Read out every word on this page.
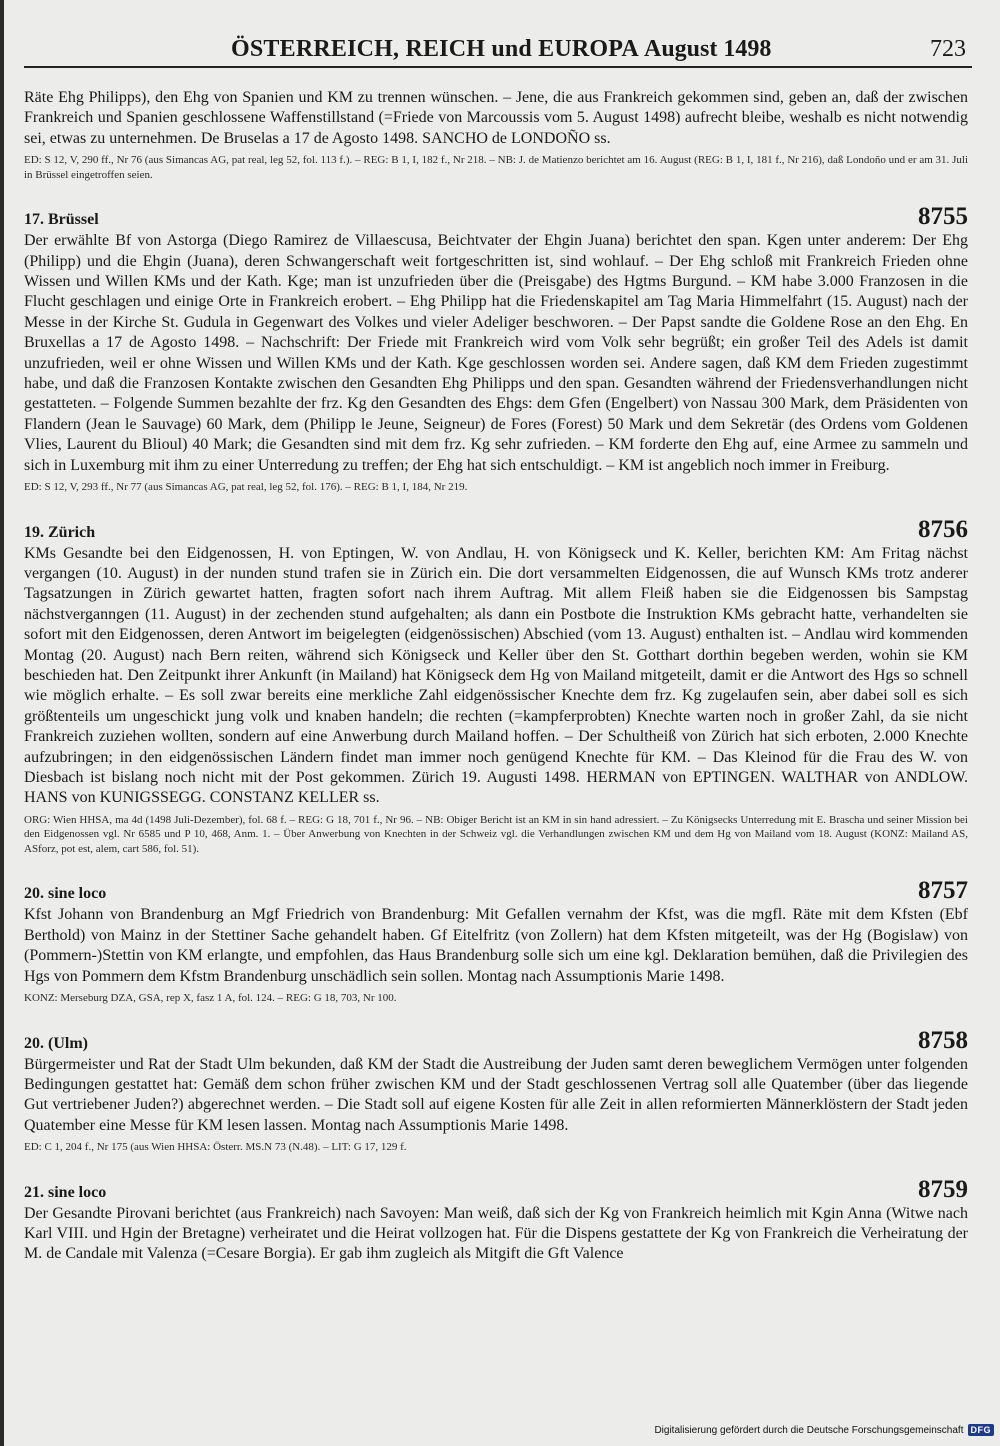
ÖSTERREICH, REICH und EUROPA August 1498	723

Räte Ehg Philipps), den Ehg von Spanien und KM zu trennen wünschen. – Jene, die aus Frankreich gekommen sind, geben an, daß der zwischen Frankreich und Spanien geschlossene Waffenstillstand (=Friede von Marcoussis vom 5. August 1498) aufrecht bleibe, weshalb es nicht notwendig sei, etwas zu unternehmen. De Bruselas a 17 de Agosto 1498. SANCHO de LONDOÑO ss.

ED: S 12, V, 290 ff., Nr 76 (aus Simancas AG, pat real, leg 52, fol. 113 f.). – REG: B 1, I, 182 f., Nr 218. – NB: J. de Matienzo berichtet am 16. August (REG: B 1, I, 181 f., Nr 216), daß Londoño und er am 31. Juli in Brüssel eingetroffen seien.

17. Brüssel	8755

Der erwählte Bf von Astorga (Diego Ramirez de Villaescusa, Beichtvater der Ehgin Juana) berichtet den span. Kgen unter anderem: Der Ehg (Philipp) und die Ehgin (Juana), deren Schwangerschaft weit fortgeschritten ist, sind wohlauf. – Der Ehg schloß mit Frankreich Frieden ohne Wissen und Willen KMs und der Kath. Kge; man ist unzufrieden über die (Preisgabe) des Hgtms Burgund. – KM habe 3.000 Franzosen in die Flucht geschlagen und einige Orte in Frankreich erobert. – Ehg Philipp hat die Friedenskapitel am Tag Maria Himmelfahrt (15. August) nach der Messe in der Kirche St. Gudula in Gegenwart des Volkes und vieler Adeliger beschworen. – Der Papst sandte die Goldene Rose an den Ehg. En Bruxellas a 17 de Agosto 1498. – Nachschrift: Der Friede mit Frankreich wird vom Volk sehr begrüßt; ein großer Teil des Adels ist damit unzufrieden, weil er ohne Wissen und Willen KMs und der Kath. Kge geschlossen worden sei. Andere sagen, daß KM dem Frieden zugestimmt habe, und daß die Franzosen Kontakte zwischen den Gesandten Ehg Philipps und den span. Gesandten während der Friedensverhandlungen nicht gestatteten. – Folgende Summen bezahlte der frz. Kg den Gesandten des Ehgs: dem Gfen (Engelbert) von Nassau 300 Mark, dem Präsidenten von Flandern (Jean le Sauvage) 60 Mark, dem (Philipp le Jeune, Seigneur) de Fores (Forest) 50 Mark und dem Sekretär (des Ordens vom Goldenen Vlies, Laurent du Blioul) 40 Mark; die Gesandten sind mit dem frz. Kg sehr zufrieden. – KM forderte den Ehg auf, eine Armee zu sammeln und sich in Luxemburg mit ihm zu einer Unterredung zu treffen; der Ehg hat sich entschuldigt. – KM ist angeblich noch immer in Freiburg.

ED: S 12, V, 293 ff., Nr 77 (aus Simancas AG, pat real, leg 52, fol. 176). – REG: B 1, I, 184, Nr 219.

19. Zürich	8756

KMs Gesandte bei den Eidgenossen, H. von Eptingen, W. von Andlau, H. von Königseck und K. Keller, berichten KM: Am Fritag nächst vergangen (10. August) in der nunden stund trafen sie in Zürich ein. Die dort versammelten Eidgenossen, die auf Wunsch KMs trotz anderer Tagsatzungen in Zürich gewartet hatten, fragten sofort nach ihrem Auftrag. Mit allem Fleiß haben sie die Eidgenossen bis Sampstag nächstverganngen (11. August) in der zechenden stund aufgehalten; als dann ein Postbote die Instruktion KMs gebracht hatte, verhandelten sie sofort mit den Eidgenossen, deren Antwort im beigelegten (eidgenössischen) Abschied (vom 13. August) enthalten ist. – Andlau wird kommenden Montag (20. August) nach Bern reiten, während sich Königseck und Keller über den St. Gotthart dorthin begeben werden, wohin sie KM beschieden hat. Den Zeitpunkt ihrer Ankunft (in Mailand) hat Königseck dem Hg von Mailand mitgeteilt, damit er die Antwort des Hgs so schnell wie möglich erhalte. – Es soll zwar bereits eine merkliche Zahl eidgenössischer Knechte dem frz. Kg zugelaufen sein, aber dabei soll es sich größtenteils um ungeschickt jung volk und knaben handeln; die rechten (=kampferprobten) Knechte warten noch in großer Zahl, da sie nicht Frankreich zuziehen wollten, sondern auf eine Anwerbung durch Mailand hoffen. – Der Schultheiß von Zürich hat sich erboten, 2.000 Knechte aufzubringen; in den eidgenössischen Ländern findet man immer noch genügend Knechte für KM. – Das Kleinod für die Frau des W. von Diesbach ist bislang noch nicht mit der Post gekommen. Zürich 19. Augusti 1498. HERMAN von EPTINGEN. WALTHAR von ANDLOW. HANS von KUNIGSSEGG. CONSTANZ KELLER ss.

ORG: Wien HHSA, ma 4d (1498 Juli-Dezember), fol. 68 f. – REG: G 18, 701 f., Nr 96. – NB: Obiger Bericht ist an KM in sin hand adressiert. – Zu Königsecks Unterredung mit E. Brascha und seiner Mission bei den Eidgenossen vgl. Nr 6585 und P 10, 468, Anm. 1. – Über Anwerbung von Knechten in der Schweiz vgl. die Verhandlungen zwischen KM und dem Hg von Mailand vom 18. August (KONZ: Mailand AS, ASforz, pot est, alem, cart 586, fol. 51).

20. sine loco	8757

Kfst Johann von Brandenburg an Mgf Friedrich von Brandenburg: Mit Gefallen vernahm der Kfst, was die mgfl. Räte mit dem Kfsten (Ebf Berthold) von Mainz in der Stettiner Sache gehandelt haben. Gf Eitelfritz (von Zollern) hat dem Kfsten mitgeteilt, was der Hg (Bogislaw) von (Pommern-)Stettin von KM erlangte, und empfohlen, das Haus Brandenburg solle sich um eine kgl. Deklaration bemühen, daß die Privilegien des Hgs von Pommern dem Kfstm Brandenburg unschädlich sein sollen. Montag nach Assumptionis Marie 1498.

KONZ: Merseburg DZA, GSA, rep X, fasz 1 A, fol. 124. – REG: G 18, 703, Nr 100.

20. (Ulm)	8758

Bürgermeister und Rat der Stadt Ulm bekunden, daß KM der Stadt die Austreibung der Juden samt deren beweglichem Vermögen unter folgenden Bedingungen gestattet hat: Gemäß dem schon früher zwischen KM und der Stadt geschlossenen Vertrag soll alle Quatember (über das liegende Gut vertriebener Juden?) abgerechnet werden. – Die Stadt soll auf eigene Kosten für alle Zeit in allen reformierten Männerklöstern der Stadt jeden Quatember eine Messe für KM lesen lassen. Montag nach Assumptionis Marie 1498.

ED: C 1, 204 f., Nr 175 (aus Wien HHSA: Österr. MS.N 73 (N.48). – LIT: G 17, 129 f.

21. sine loco	8759

Der Gesandte Pirovani berichtet (aus Frankreich) nach Savoyen: Man weiß, daß sich der Kg von Frankreich heimlich mit Kgin Anna (Witwe nach Karl VIII. und Hgin der Bretagne) verheiratet und die Heirat vollzogen hat. Für die Dispens gestattete der Kg von Frankreich die Verheiratung der M. de Candale mit Valenza (=Cesare Borgia). Er gab ihm zugleich als Mitgift die Gft Valence

Digitalisierung gefördert durch die Deutsche Forschungsgemeinschaft DFG
